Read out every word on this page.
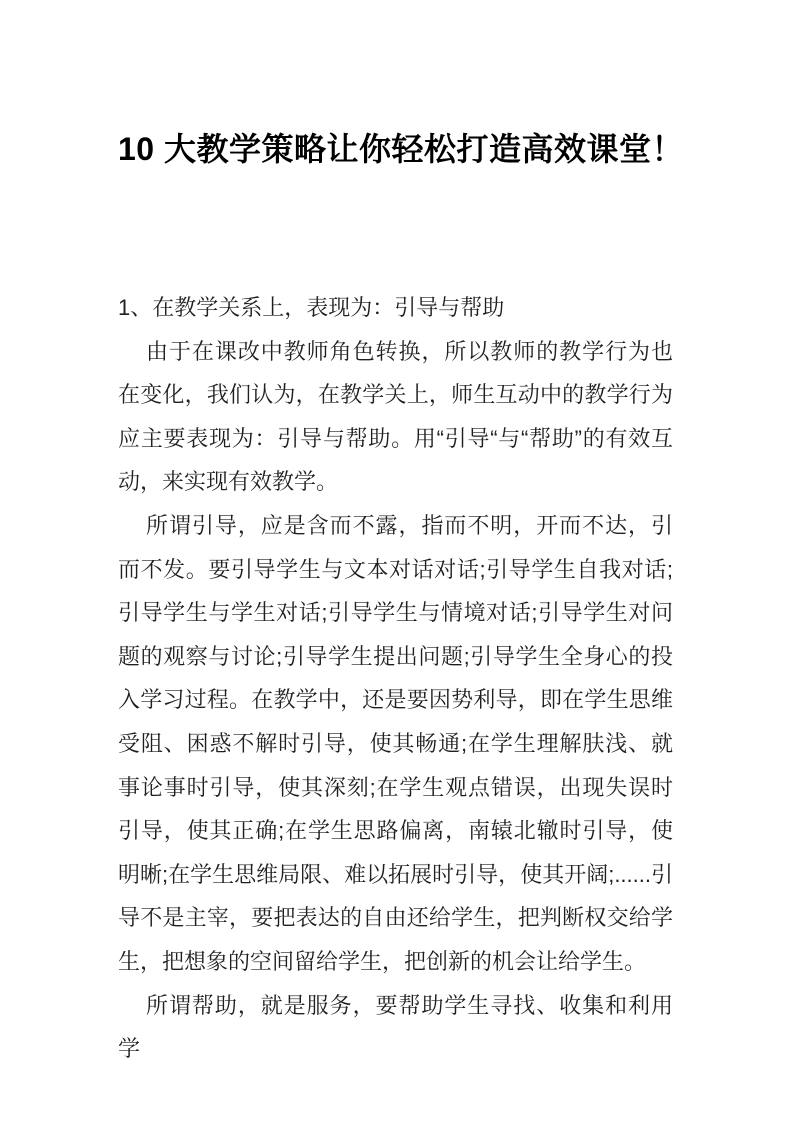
10 大教学策略让你轻松打造高效课堂！

1、在教学关系上，表现为：引导与帮助

由于在课改中教师角色转换，所以教师的教学行为也在变化，我们认为，在教学关上，师生互动中的教学行为应主要表现为：引导与帮助。用“引导“与“帮助”的有效互动，来实现有效教学。

所谓引导，应是含而不露，指而不明，开而不达，引而不发。要引导学生与文本对话对话;引导学生自我对话;引导学生与学生对话;引导学生与情境对话;引导学生对问题的观察与讨论;引导学生提出问题;引导学生全身心的投入学习过程。在教学中，还是要因势利导，即在学生思维受阻、困惑不解时引导，使其畅通;在学生理解肤浅、就事论事时引导，使其深刻;在学生观点错误，出现失误时引导，使其正确;在学生思路偏离，南辕北辙时引导，使明晰;在学生思维局限、难以拓展时引导，使其开阔;......引导不是主宰，要把表达的自由还给学生，把判断权交给学生，把想象的空间留给学生，把创新的机会让给学生。

所谓帮助，就是服务，要帮助学生寻找、收集和利用学
